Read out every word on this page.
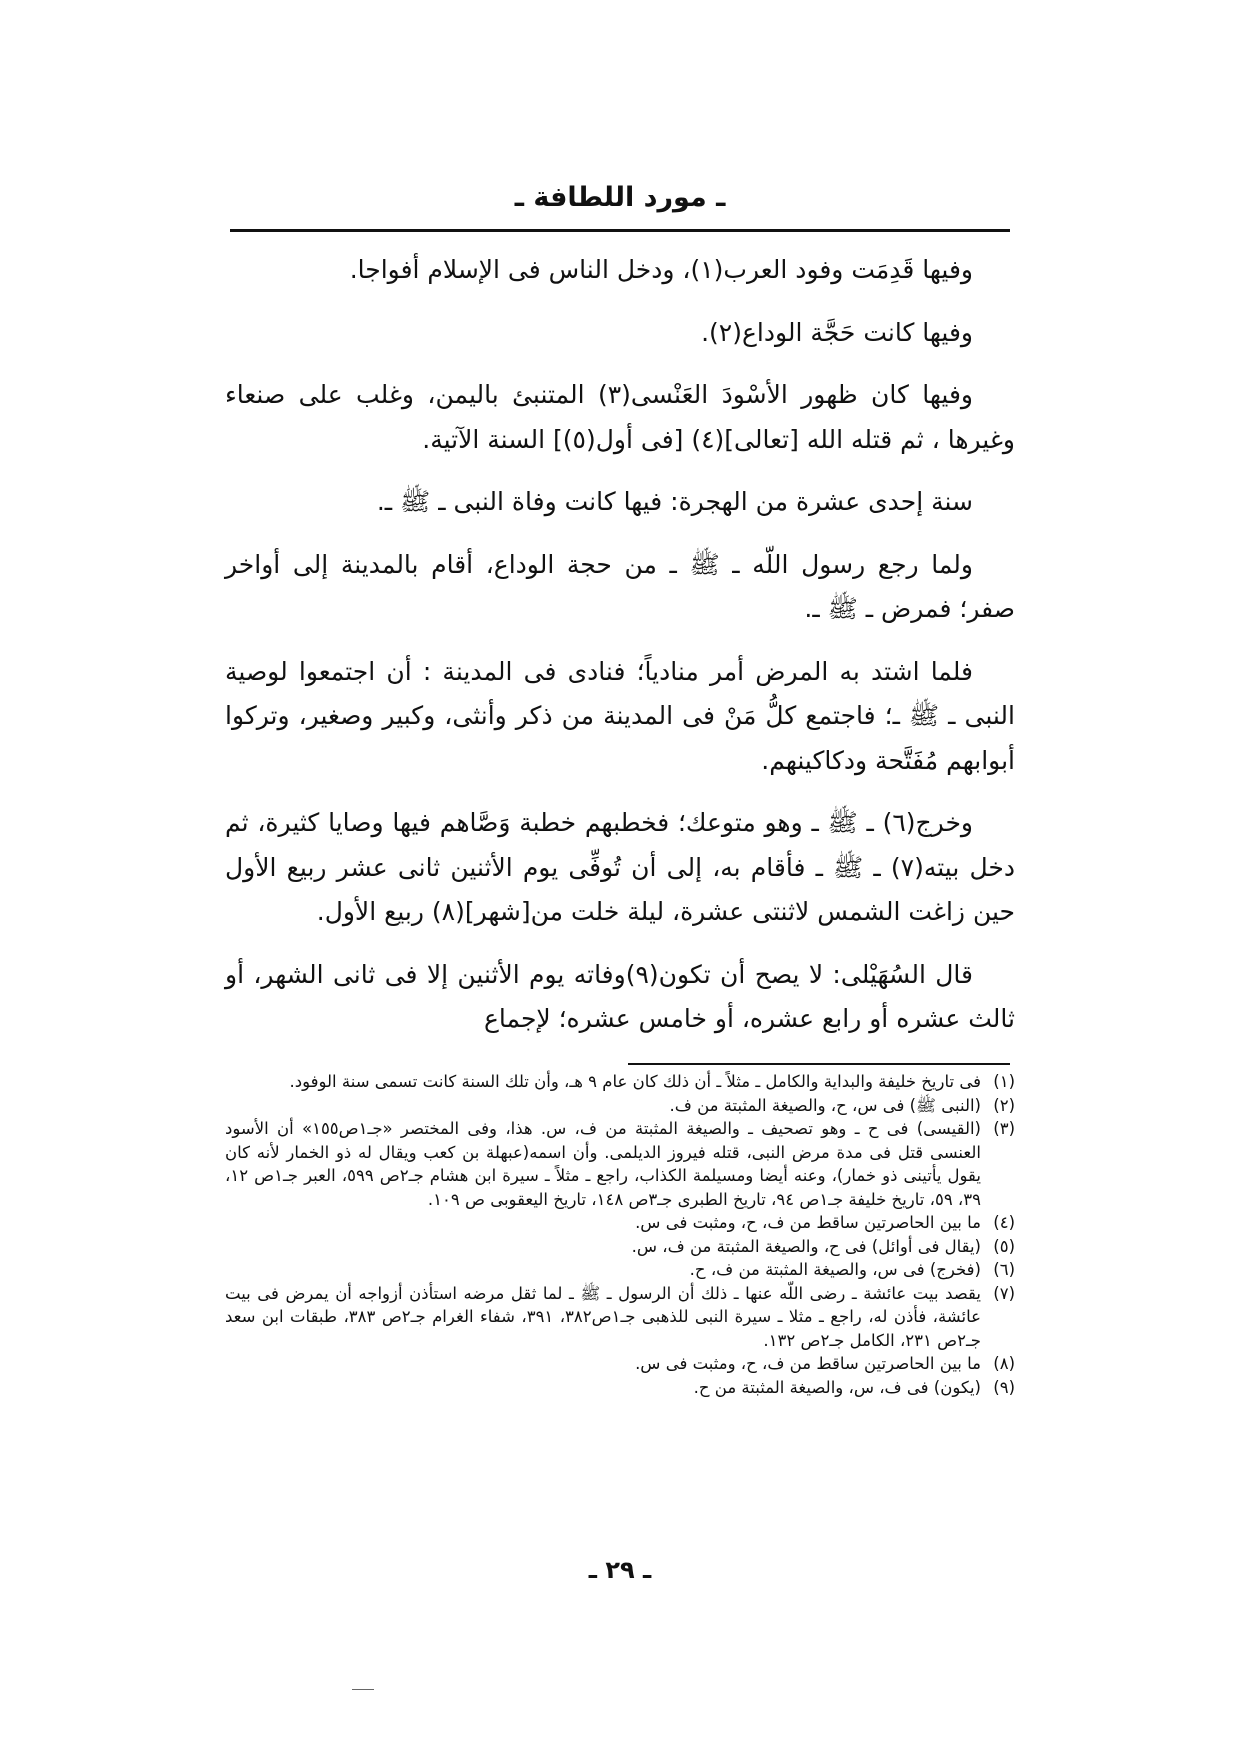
ـ مورد اللطافة ـ

وفيها قَدِمَت وفود العرب(١)، ودخل الناس فى الإسلام أفواجا.

وفيها كانت حَجَّة الوداع(٢).

وفيها كان ظهور الأسْودَ العَنْسى(٣) المتنبئ باليمن، وغلب على صنعاء وغيرها ، ثم قتله الله [تعالى](٤) [فى أول(٥)] السنة الآتية.

سنة إحدى عشرة من الهجرة: فيها كانت وفاة النبى ـ ﷺ ـ.

ولما رجع رسول اللّه ـ ﷺ ـ من حجة الوداع، أقام بالمدينة إلى أواخر صفر؛ فمرض ـ ﷺ ـ.

فلما اشتد به المرض أمر منادياً؛ فنادى فى المدينة : أن اجتمعوا لوصية النبى ـ ﷺ ـ؛ فاجتمع كلُّ مَنْ فى المدينة من ذكر وأنثى، وكبير وصغير، وتركوا أبوابهم مُفَتَّحة ودكاكينهم.

وخرج(٦) ـ ﷺ ـ وهو متوعك؛ فخطبهم خطبة وَصَّاهم فيها وصايا كثيرة، ثم دخل بيته(٧) ـ ﷺ ـ فأقام به، إلى أن تُوفِّى يوم الأثنين ثانى عشر ربيع الأول حين زاغت الشمس لاثنتى عشرة، ليلة خلت من[شهر](٨) ربيع الأول.

قال السُهَيْلى: لا يصح أن تكون(٩)وفاته يوم الأثنين إلا فى ثانى الشهر، أو ثالث عشره أو رابع عشره، أو خامس عشره؛ لإجماع

(١)فى تاريخ خليفة والبداية والكامل ـ مثلاً ـ أن ذلك كان عام ٩ هـ، وأن تلك السنة كانت تسمى سنة الوفود.

(٢)(النبى ﷺ) فى س، ح، والصيغة المثبتة من ف.

(٣)(القيسى) فى ح ـ وهو تصحيف ـ والصيغة المثبتة من ف، س. هذا، وفى المختصر «جـ١ص١٥٥» أن الأسود العنسى قتل فى مدة مرض النبى، قتله فيروز الديلمى. وأن اسمه(عبهلة بن كعب ويقال له ذو الخمار لأنه كان يقول يأتينى ذو خمار)، وعنه أيضا ومسيلمة الكذاب، راجع ـ مثلاً ـ سيرة ابن هشام جـ٢ص ٥٩٩، العبر جـ١ص ١٢، ٣٩، ٥٩، تاريخ خليفة جـ١ص ٩٤، تاريخ الطبرى جـ٣ص ١٤٨، تاريخ اليعقوبى ص ١٠٩.

(٤)ما بين الحاصرتين ساقط من ف، ح، ومثبت فى س.

(٥)(يقال فى أوائل) فى ح، والصيغة المثبتة من ف، س.

(٦)(فخرج) فى س، والصيغة المثبتة من ف، ح.

(٧)يقصد بيت عائشة ـ رضى اللّه عنها ـ ذلك أن الرسول ـ ﷺ ـ لما ثقل مرضه استأذن أزواجه أن يمرض فى بيت عائشة، فأذن له، راجع ـ مثلا ـ سيرة النبى للذهبى جـ١ص٣٨٢، ٣٩١، شفاء الغرام جـ٢ص ٣٨٣، طبقات ابن سعد جـ٢ص ٢٣١، الكامل جـ٢ص ١٣٢.

(٨)ما بين الحاصرتين ساقط من ف، ح، ومثبت فى س.

(٩)(يكون) فى ف، س، والصيغة المثبتة من ح.

ـ ٢٩ ـ
